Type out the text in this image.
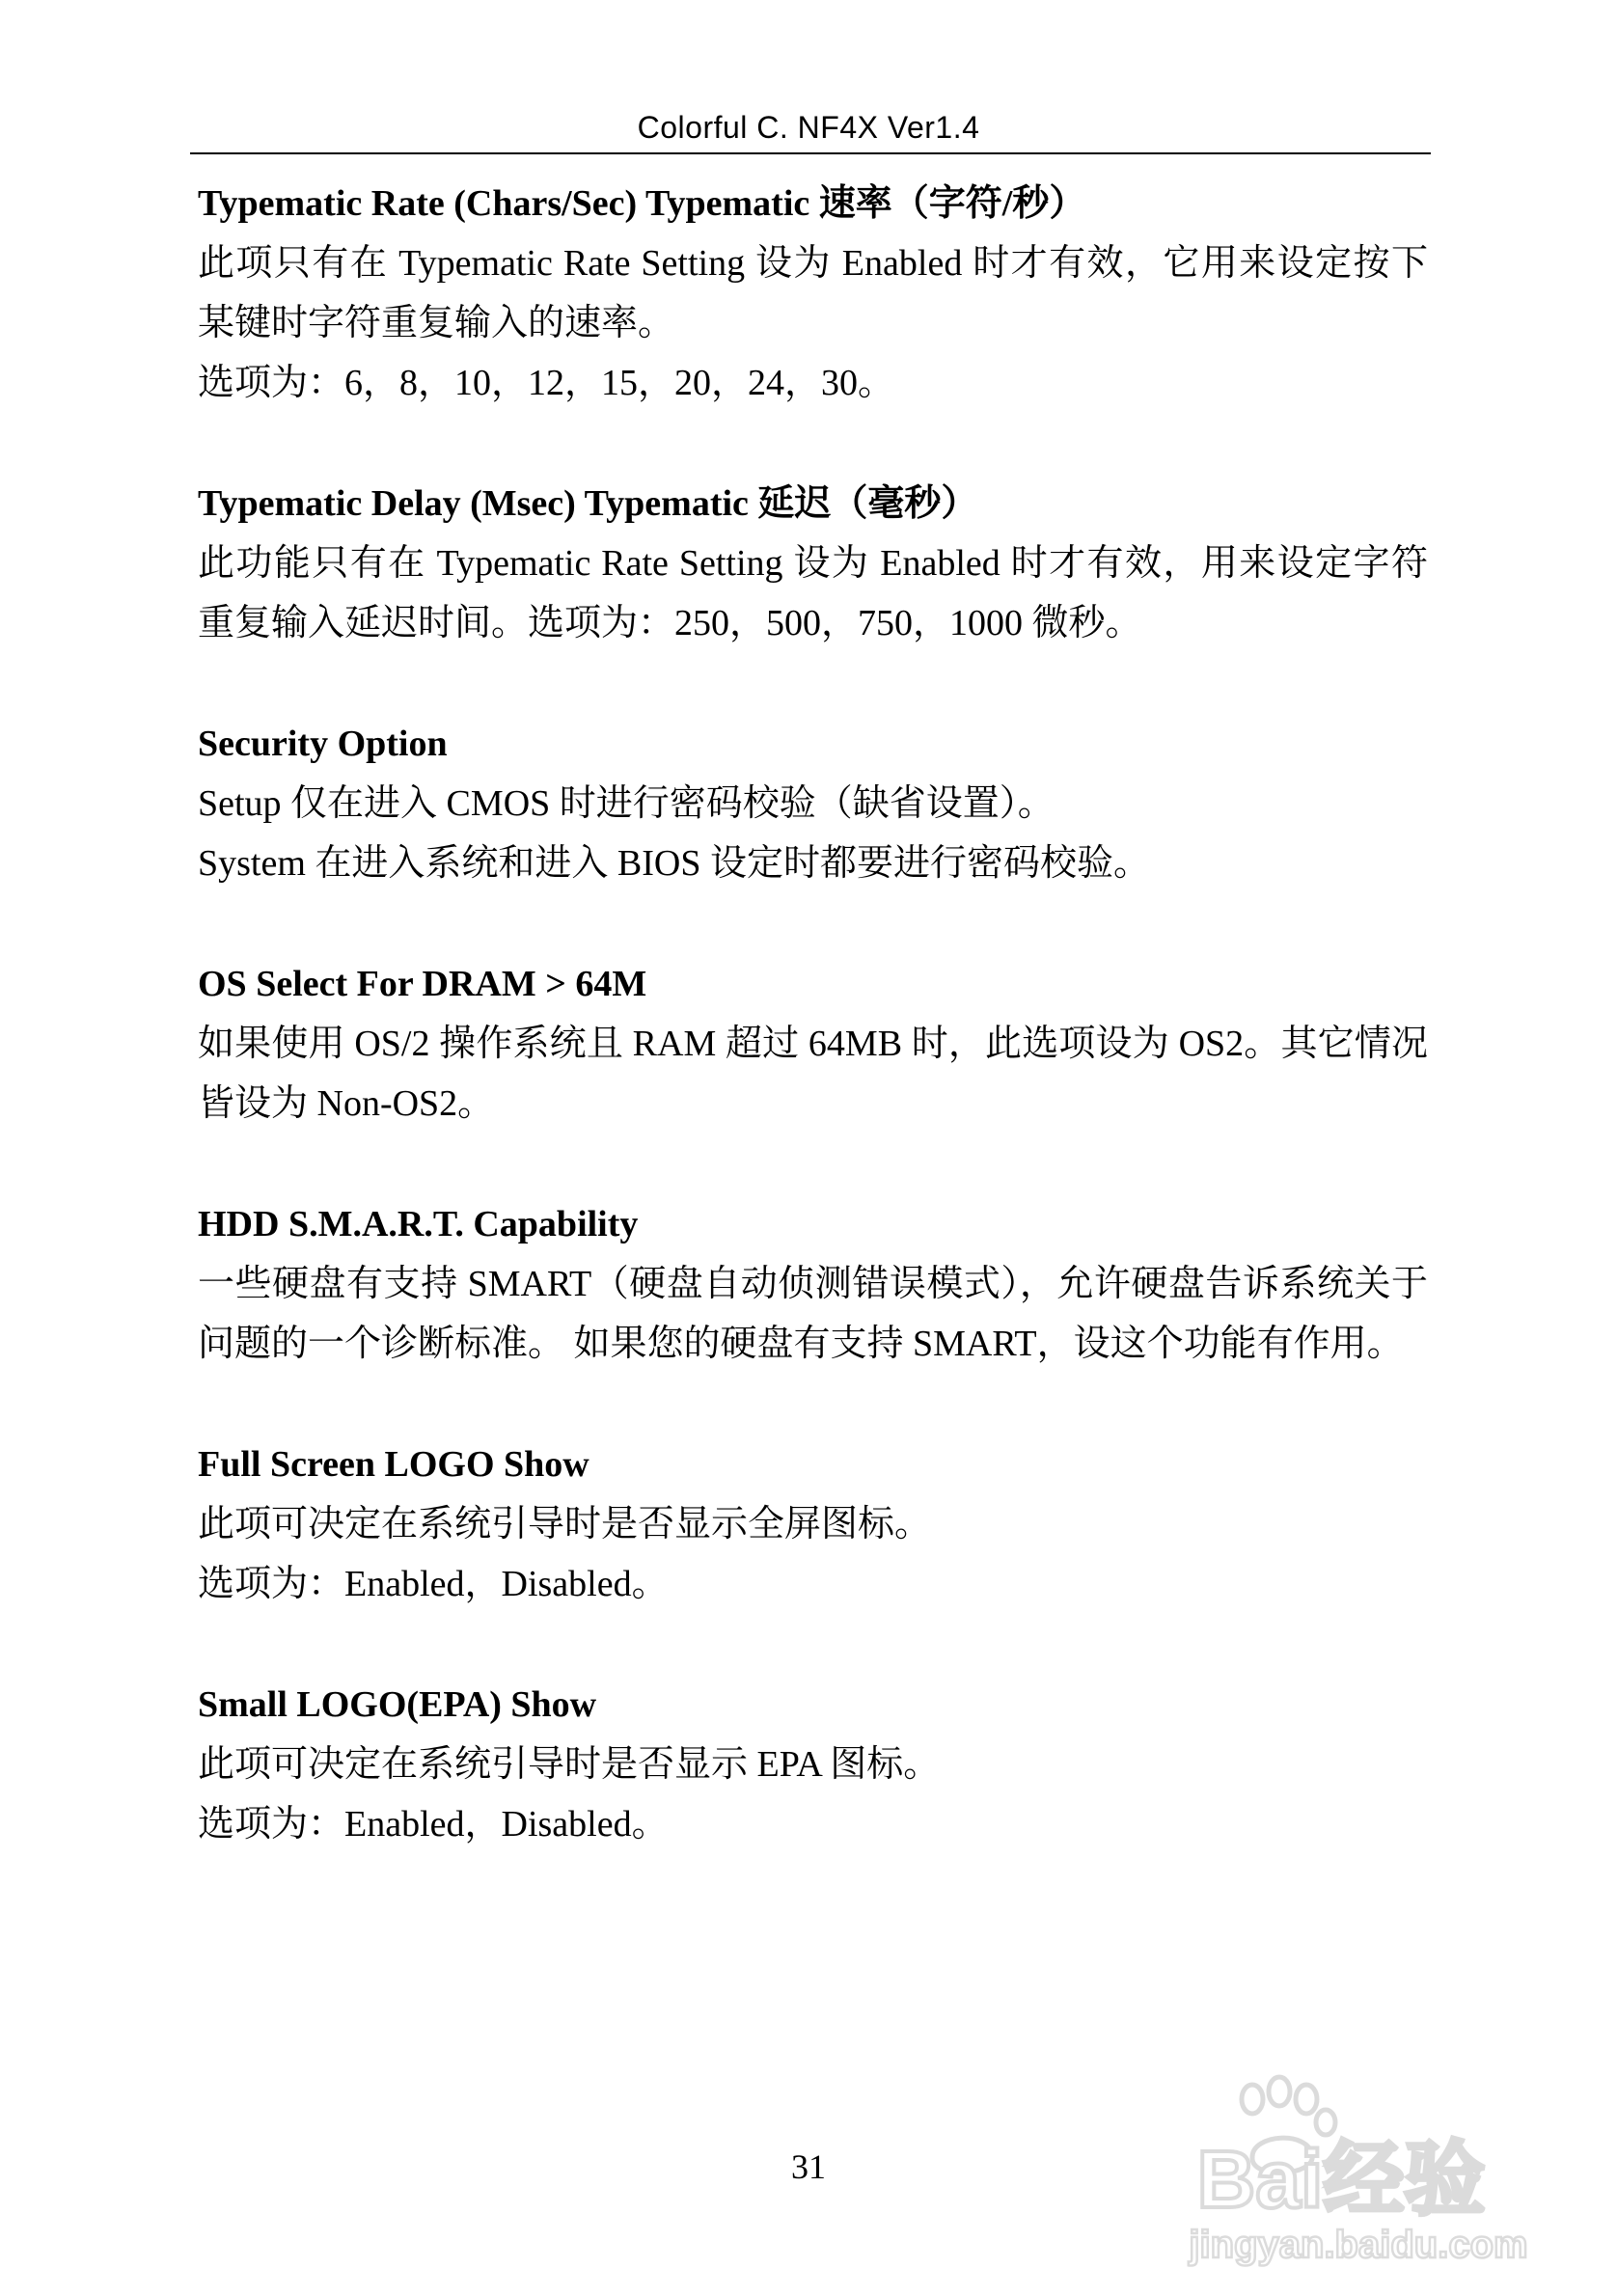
Colorful C. NF4X Ver1.4
Typematic Rate (Chars/Sec) Typematic 速率（字符/秒）
此项只有在 Typematic Rate Setting 设为 Enabled 时才有效，它用来设定按下某键时字符重复输入的速率。
选项为：6，8，10，12，15，20，24，30。
Typematic Delay (Msec) Typematic 延迟（毫秒）
此功能只有在 Typematic Rate Setting 设为 Enabled 时才有效，用来设定字符重复输入延迟时间。选项为：250，500，750，1000 微秒。
Security Option
Setup 仅在进入 CMOS 时进行密码校验（缺省设置）。
System 在进入系统和进入 BIOS 设定时都要进行密码校验。
OS Select For DRAM > 64M
如果使用 OS/2 操作系统且 RAM 超过 64MB 时，此选项设为 OS2。其它情况皆设为 Non-OS2。
HDD S.M.A.R.T. Capability
一些硬盘有支持 SMART（硬盘自动侦测错误模式），允许硬盘告诉系统关于问题的一个诊断标准。 如果您的硬盘有支持 SMART，设这个功能有作用。
Full Screen LOGO Show
此项可决定在系统引导时是否显示全屏图标。
选项为：Enabled，Disabled。
Small LOGO(EPA) Show
此项可决定在系统引导时是否显示 EPA 图标。
选项为：Enabled，Disabled。
31	Bai经验
jingyan.baidu.com
